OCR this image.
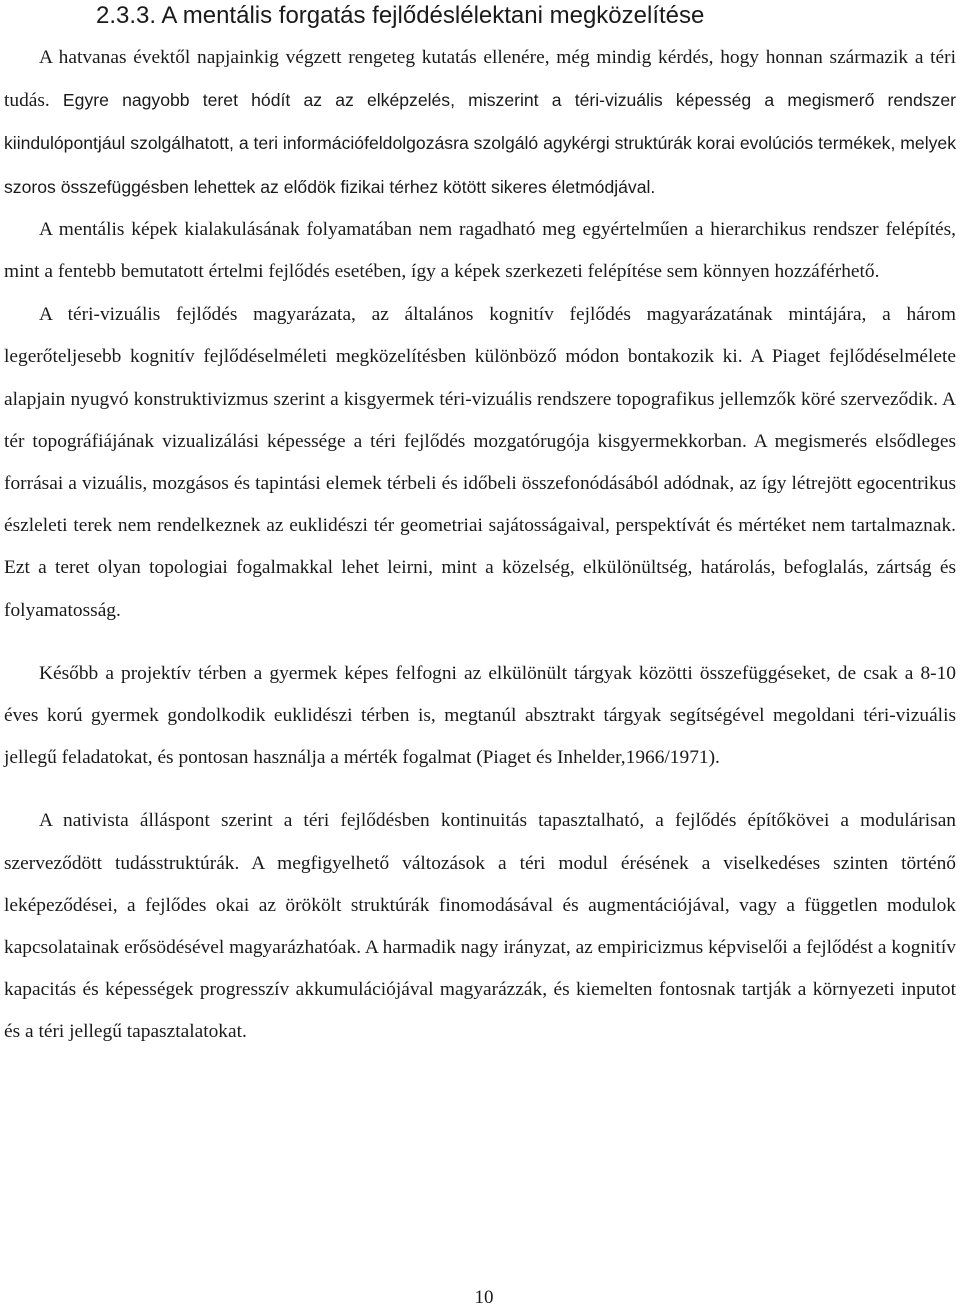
2.3.3. A mentális forgatás fejlődéslélektani megközelítése

A hatvanas évektől napjainkig végzett rengeteg kutatás ellenére, még mindig kérdés, hogy honnan származik a téri tudás. Egyre nagyobb teret hódít az az elképzelés, miszerint a téri-vizuális képesség a megismerő rendszer kiindulópontjául szolgálhatott, a teri információfeldolgozásra szolgáló agykérgi struktúrák korai evolúciós termékek, melyek szoros összefüggésben lehettek az elődök fizikai térhez kötött sikeres életmódjával.

A mentális képek kialakulásának folyamatában nem ragadható meg egyértelműen a hierarchikus rendszer felépítés, mint a fentebb bemutatott értelmi fejlődés esetében, így a képek szerkezeti felépítése sem könnyen hozzáférhető.

A téri-vizuális fejlődés magyarázata, az általános kognitív fejlődés magyarázatának mintájára, a három legerőteljesebb kognitív fejlődéselméleti megközelítésben különböző módon bontakozik ki. A Piaget fejlődéselmélete alapjain nyugvó konstruktivizmus szerint a kisgyermek téri-vizuális rendszere topografikus jellemzők köré szerveződik. A tér topográfiájának vizualizálási képessége a téri fejlődés mozgatórugója kisgyermekkorban. A megismerés elsődleges forrásai a vizuális, mozgásos és tapintási elemek térbeli és időbeli összefonódásából adódnak, az így létrejött egocentrikus észleleti terek nem rendelkeznek az euklidészi tér geometriai sajátosságaival, perspektívát és mértéket nem tartalmaznak. Ezt a teret olyan topologiai fogalmakkal lehet leirni, mint a közelség, elkülönültség, határolás, befoglalás, zártság és folyamatosság.

Később a projektív térben a gyermek képes felfogni az elkülönült tárgyak közötti összefüggéseket, de csak a 8-10 éves korú gyermek gondolkodik euklidészi térben is, megtanúl absztrakt tárgyak segítségével megoldani téri-vizuális jellegű feladatokat, és pontosan használja a mérték fogalmat (Piaget és Inhelder,1966/1971).

A nativista álláspont szerint a téri fejlődésben kontinuitás tapasztalható, a fejlődés építőkövei a modulárisan szerveződött tudásstruktúrák. A megfigyelhető változások a téri modul érésének a viselkedéses szinten történő leképeződései, a fejlődes okai az örökölt struktúrák finomodásával és augmentációjával, vagy a független modulok kapcsolatainak erősödésével magyarázhatóak. A harmadik nagy irányzat, az empiricizmus képviselői a fejlődést a kognitív kapacitás és képességek progresszív akkumulációjával magyarázzák, és kiemelten fontosnak tartják a környezeti inputot és a téri jellegű tapasztalatokat.

10
